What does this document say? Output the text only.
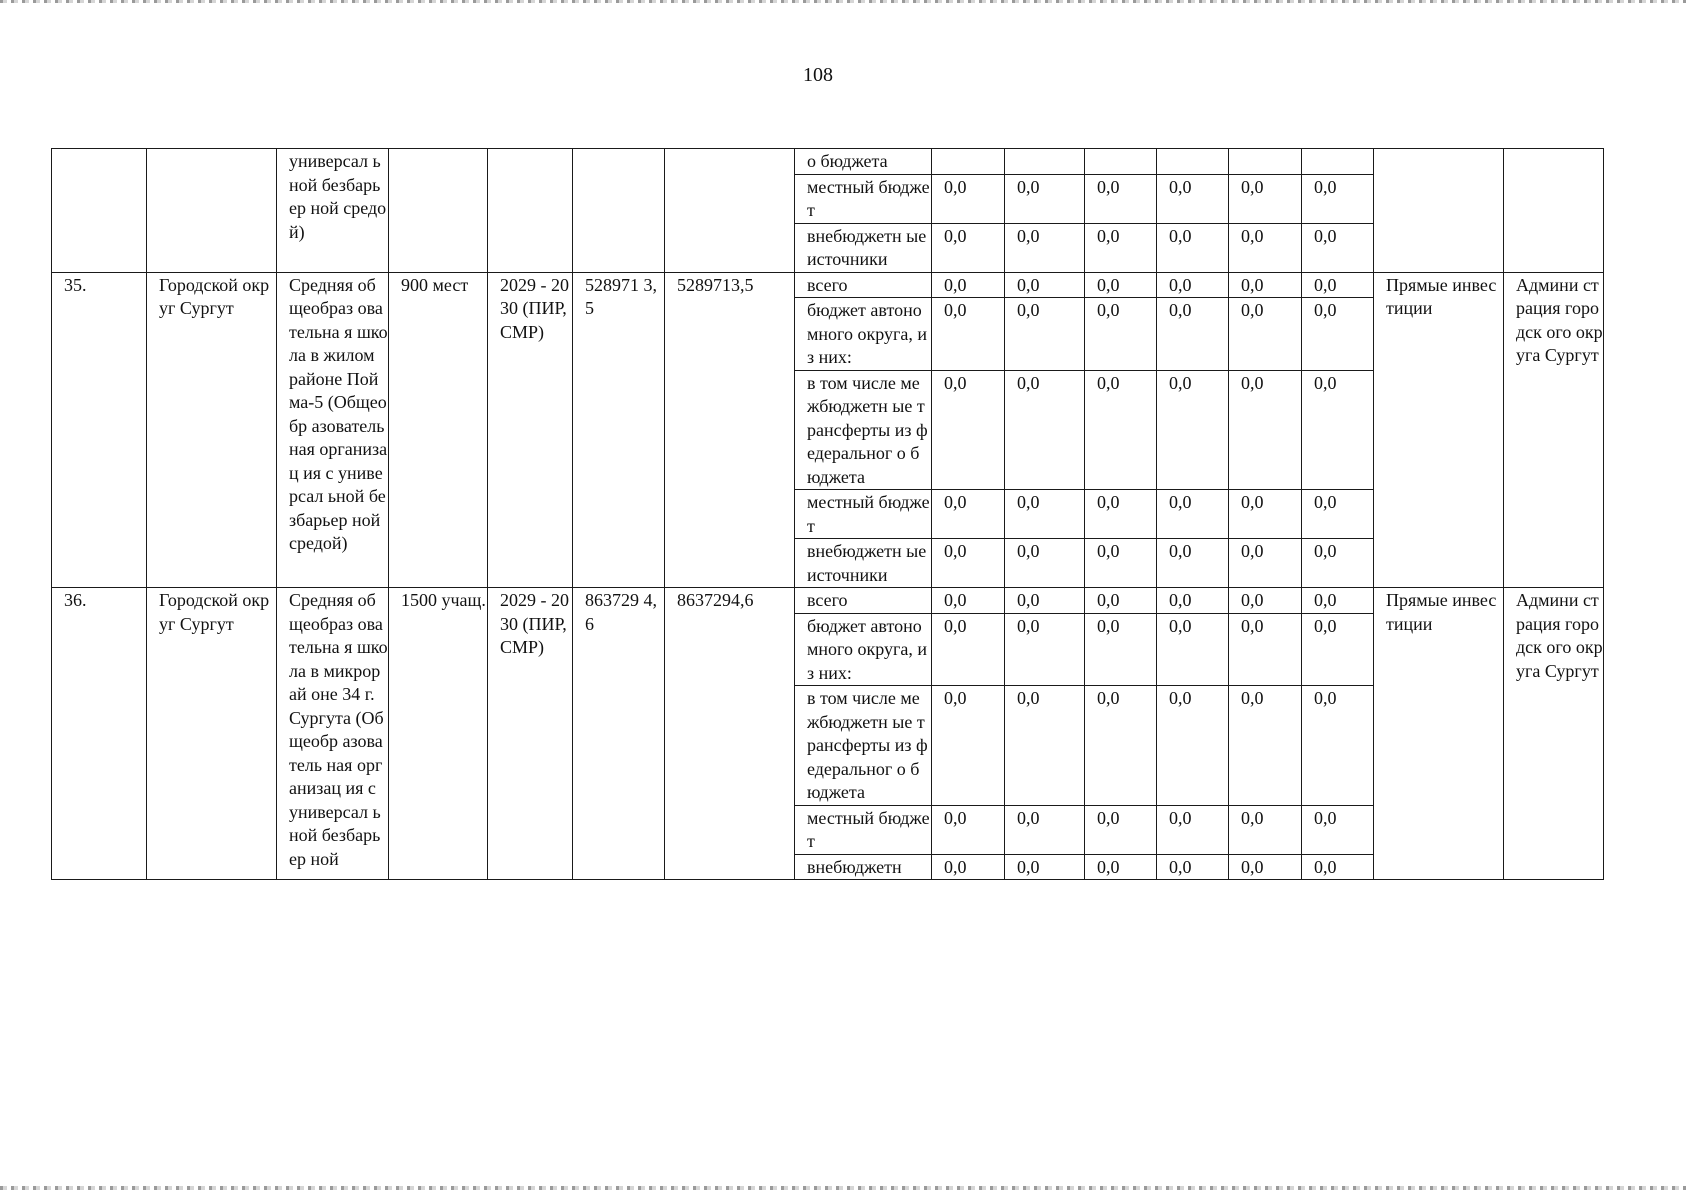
108
		универсал ьной безбарьер ной средой)					о бюджета								
							местный бюджет	0,0	0,0	0,0	0,0	0,0	0,0		
							внебюджетн ые источники	0,0	0,0	0,0	0,0	0,0	0,0		
35.	Городской округ Сургут	Средняя общеобраз овательна я школа в жилом районе Пойма-5 (Общеобр азователь ная организац ия с универсал ьной безбарьер ной средой)	900 мест	2029 - 2030 (ПИР, СМР)	528971 3,5	5289713,5	всего	0,0	0,0	0,0	0,0	0,0	0,0	Прямые инвестиции	Админи страция городск ого округа Сургут
							бюджет автономного округа, из них:	0,0	0,0	0,0	0,0	0,0	0,0		
							в том числе межбюджетн ые трансферты из федеральног о бюджета	0,0	0,0	0,0	0,0	0,0	0,0		
							местный бюджет	0,0	0,0	0,0	0,0	0,0	0,0		
							внебюджетн ые источники	0,0	0,0	0,0	0,0	0,0	0,0		
36.	Городской округ Сургут	Средняя общеобраз овательна я школа в микрорай оне 34 г. Сургута (Общеобр азователь ная организац ия с универсал ьной безбарьер ной	1500 учащ.	2029 - 2030 (ПИР, СМР)	863729 4,6	8637294,6	всего	0,0	0,0	0,0	0,0	0,0	0,0	Прямые инвестиции	Админи страция городск ого округа Сургут
							бюджет автономного округа, из них:	0,0	0,0	0,0	0,0	0,0	0,0		
							в том числе межбюджетн ые трансферты из федеральног о бюджета	0,0	0,0	0,0	0,0	0,0	0,0		
							местный бюджет	0,0	0,0	0,0	0,0	0,0	0,0		
							внебюджетн	0,0	0,0	0,0	0,0	0,0	0,0		
